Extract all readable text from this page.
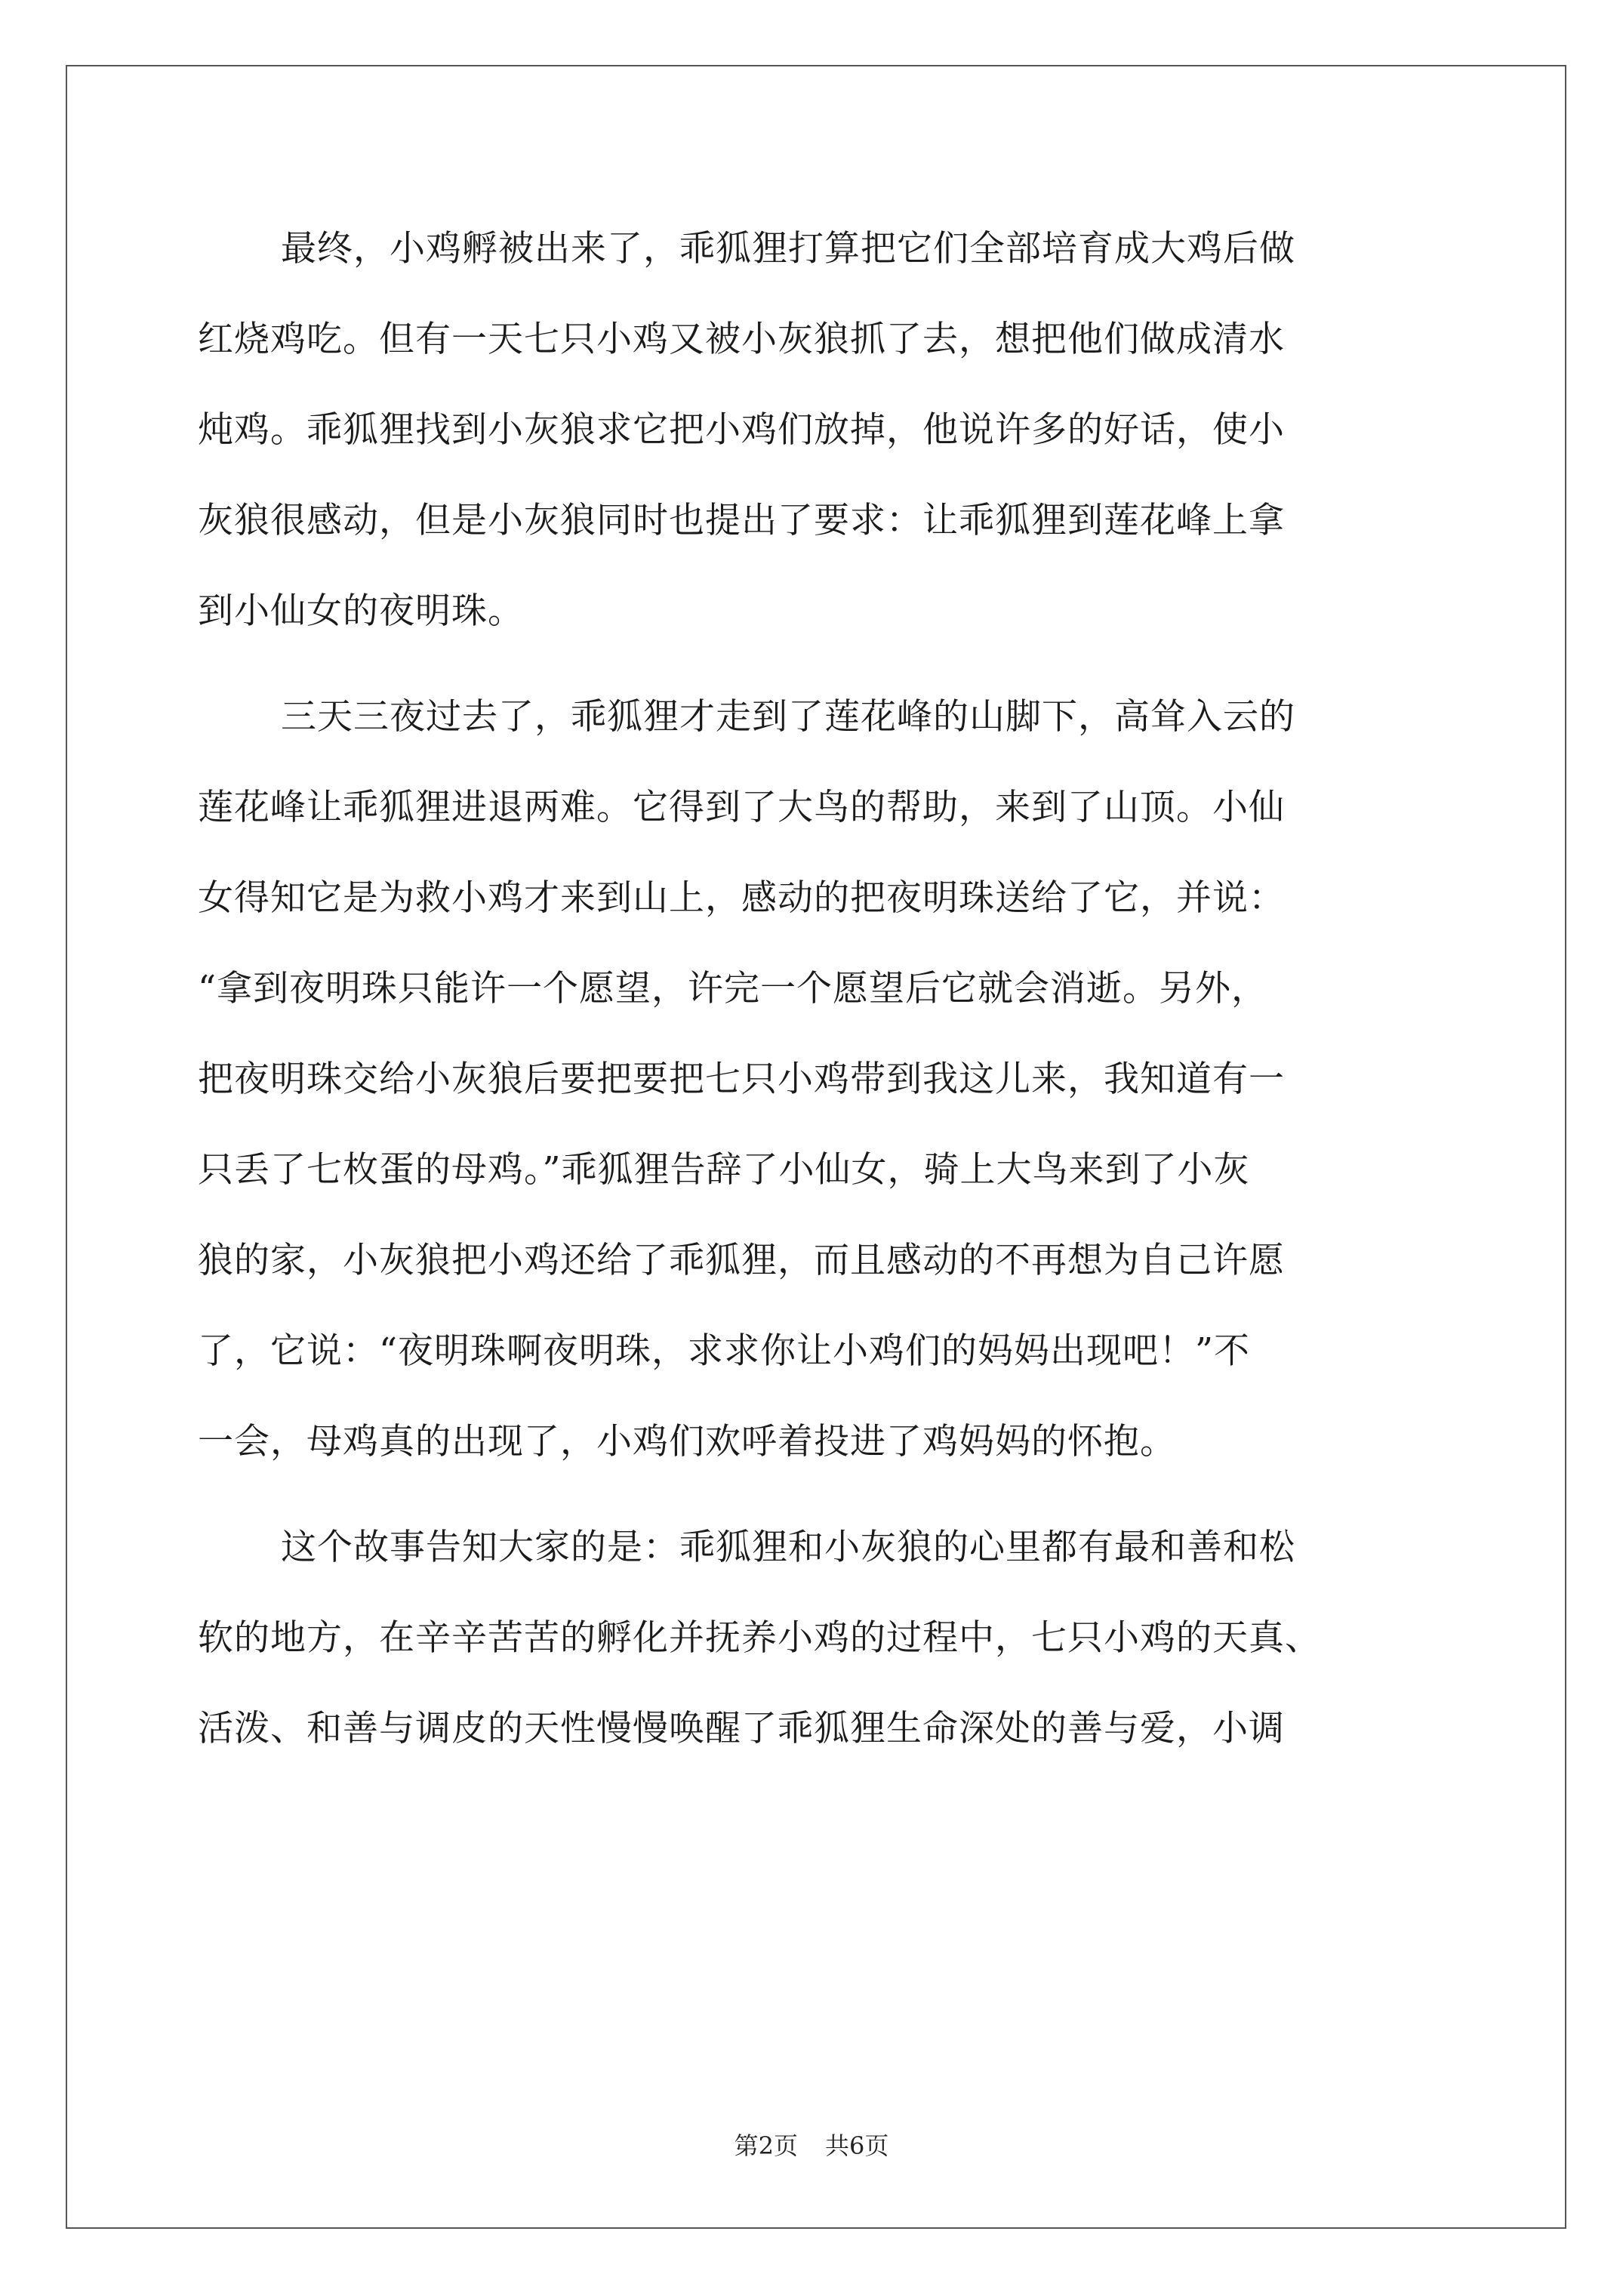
最终，小鸡孵被出来了，乖狐狸打算把它们全部培育成大鸡后做
红烧鸡吃。但有一天七只小鸡又被小灰狼抓了去，想把他们做成清水
炖鸡。乖狐狸找到小灰狼求它把小鸡们放掉，他说许多的好话，使小
灰狼很感动，但是小灰狼同时也提出了要求：让乖狐狸到莲花峰上拿
到小仙女的夜明珠。
三天三夜过去了，乖狐狸才走到了莲花峰的山脚下，高耸入云的
莲花峰让乖狐狸进退两难。它得到了大鸟的帮助，来到了山顶。小仙
女得知它是为救小鸡才来到山上，感动的把夜明珠送给了它，并说：
“拿到夜明珠只能许一个愿望，许完一个愿望后它就会消逝。另外，
把夜明珠交给小灰狼后要把要把七只小鸡带到我这儿来，我知道有一
只丢了七枚蛋的母鸡。”乖狐狸告辞了小仙女，骑上大鸟来到了小灰
狼的家，小灰狼把小鸡还给了乖狐狸，而且感动的不再想为自己许愿
了，它说：“夜明珠啊夜明珠，求求你让小鸡们的妈妈出现吧！”不
一会，母鸡真的出现了，小鸡们欢呼着投进了鸡妈妈的怀抱。
这个故事告知大家的是：乖狐狸和小灰狼的心里都有最和善和松
软的地方，在辛辛苦苦的孵化并抚养小鸡的过程中，七只小鸡的天真、
活泼、和善与调皮的天性慢慢唤醒了乖狐狸生命深处的善与爱，小调
第2页 共6页
